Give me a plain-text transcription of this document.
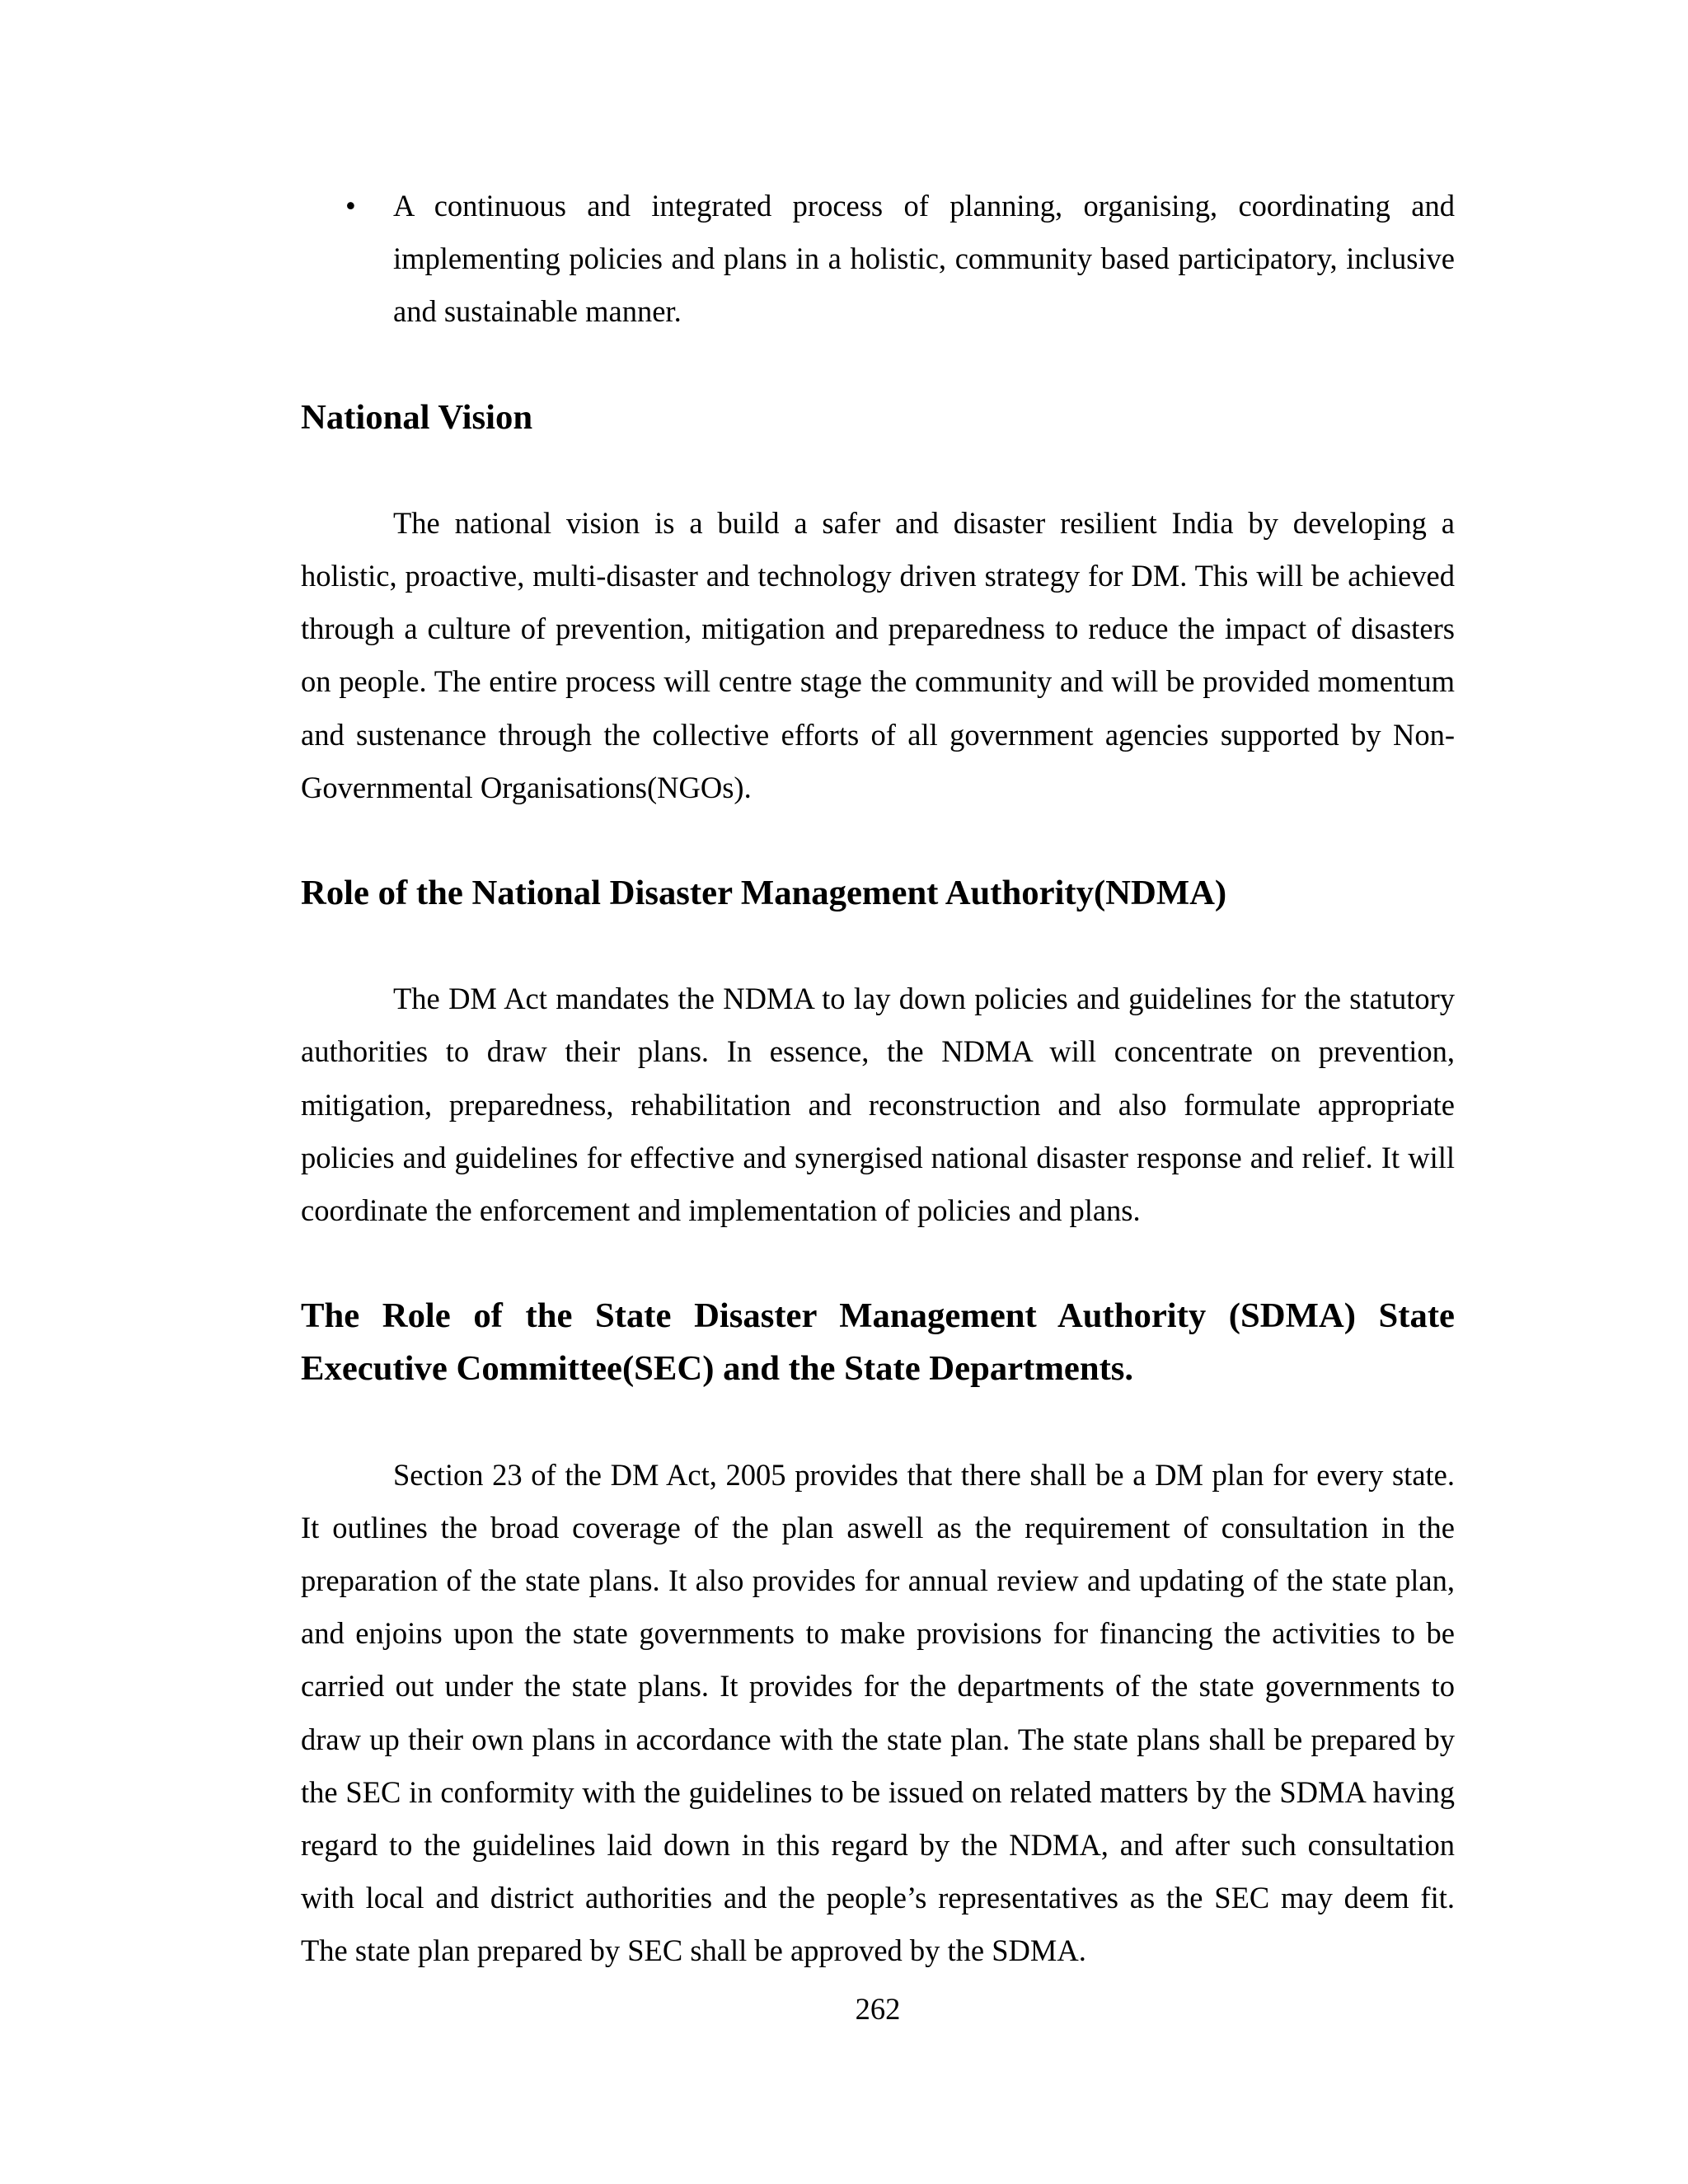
• A continuous and integrated process of planning, organising, coordinating and implementing policies and plans in a holistic, community based participatory, inclusive and sustainable manner.
National Vision

The national vision is a build a safer and disaster resilient India by developing a holistic, proactive, multi-disaster and technology driven strategy for DM. This will be achieved through a culture of prevention, mitigation and preparedness to reduce the impact of disasters on people. The entire process will centre stage the community and will be provided momentum and sustenance through the collective efforts of all government agencies supported by Non-Governmental Organisations(NGOs).

Role of the National Disaster Management Authority(NDMA)

The DM Act mandates the NDMA to lay down policies and guidelines for the statutory authorities to draw their plans. In essence, the NDMA will concentrate on prevention, mitigation, preparedness, rehabilitation and reconstruction and also formulate appropriate policies and guidelines for effective and synergised national disaster response and relief. It will coordinate the enforcement and implementation of policies and plans.

The Role of the State Disaster Management Authority (SDMA) State Executive Committee(SEC) and the State Departments.

Section 23 of the DM Act, 2005 provides that there shall be a DM plan for every state. It outlines the broad coverage of the plan aswell as the requirement of consultation in the preparation of the state plans. It also provides for annual review and updating of the state plan, and enjoins upon the state governments to make provisions for financing the activities to be carried out under the state plans. It provides for the departments of the state governments to draw up their own plans in accordance with the state plan. The state plans shall be prepared by the SEC in conformity with the guidelines to be issued on related matters by the SDMA having regard to the guidelines laid down in this regard by the NDMA, and after such consultation with local and district authorities and the people’s representatives as the SEC may deem fit. The state plan prepared by SEC shall be approved by the SDMA.

262
